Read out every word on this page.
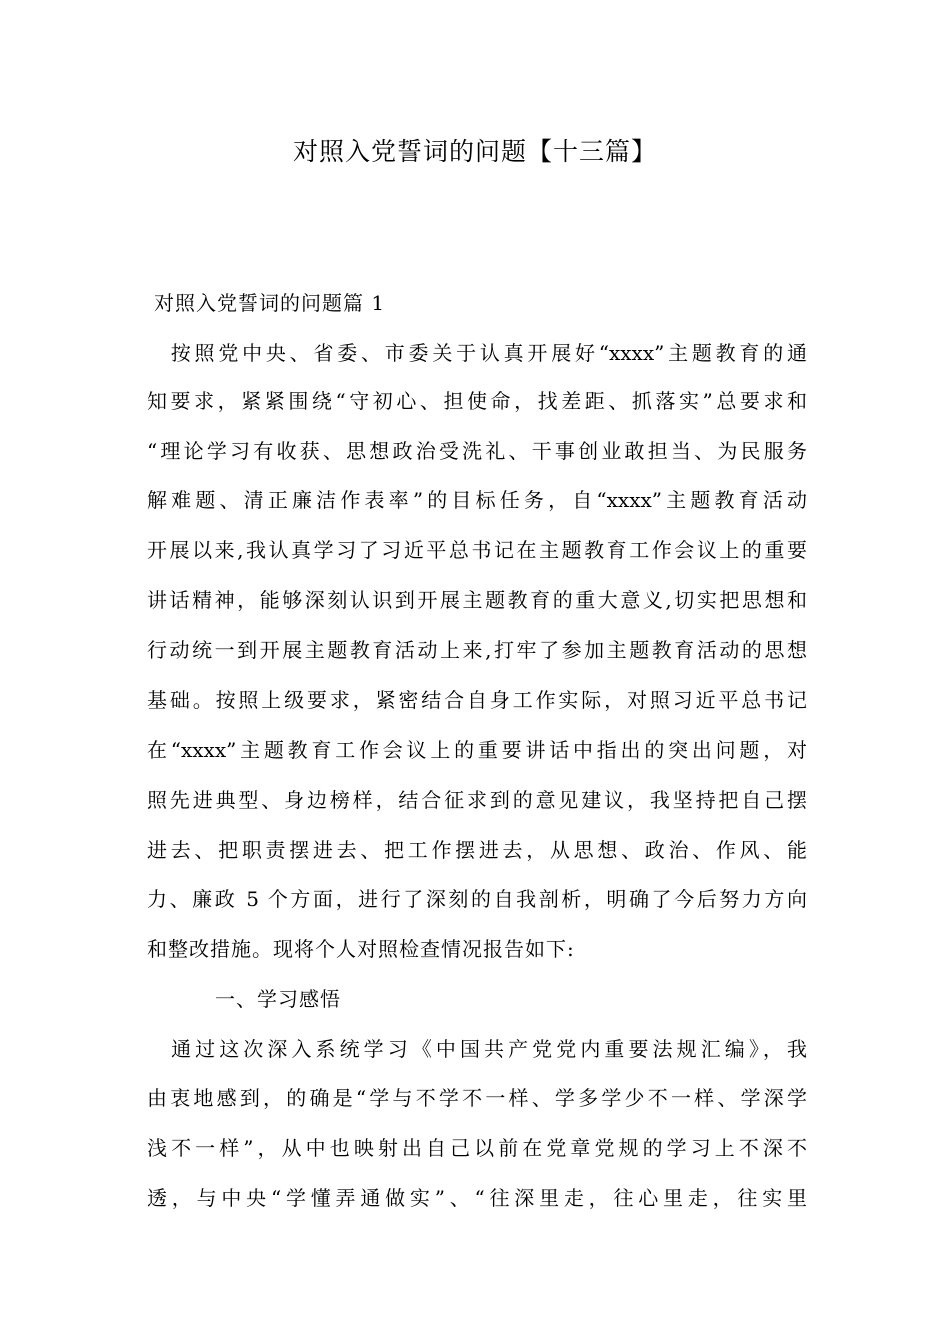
对照入党誓词的问题【十三篇】
对照入党誓词的问题篇 1
　按照党中央、省委、市委关于认真开展好“xxxx”主题教育的通
知要求，紧紧围绕“守初心、担使命，找差距、抓落实”总要求和
“理论学习有收获、思想政治受洗礼、干事创业敢担当、为民服务
解难题、清正廉洁作表率”的目标任务，自“xxxx”主题教育活动
开展以来,我认真学习了习近平总书记在主题教育工作会议上的重要
讲话精神，能够深刻认识到开展主题教育的重大意义,切实把思想和
行动统一到开展主题教育活动上来,打牢了参加主题教育活动的思想
基础。按照上级要求，紧密结合自身工作实际，对照习近平总书记
在“xxxx”主题教育工作会议上的重要讲话中指出的突出问题，对
照先进典型、身边榜样，结合征求到的意见建议，我坚持把自己摆
进去、把职责摆进去、把工作摆进去，从思想、政治、作风、能
力、廉政 5 个方面，进行了深刻的自我剖析，明确了今后努力方向
和整改措施。现将个人对照检查情况报告如下:
一、学习感悟
　通过这次深入系统学习《中国共产党党内重要法规汇编》，我
由衷地感到，的确是“学与不学不一样、学多学少不一样、学深学
浅不一样”，从中也映射出自己以前在党章党规的学习上不深不
透，与中央“学懂弄通做实”、“往深里走，往心里走，往实里
